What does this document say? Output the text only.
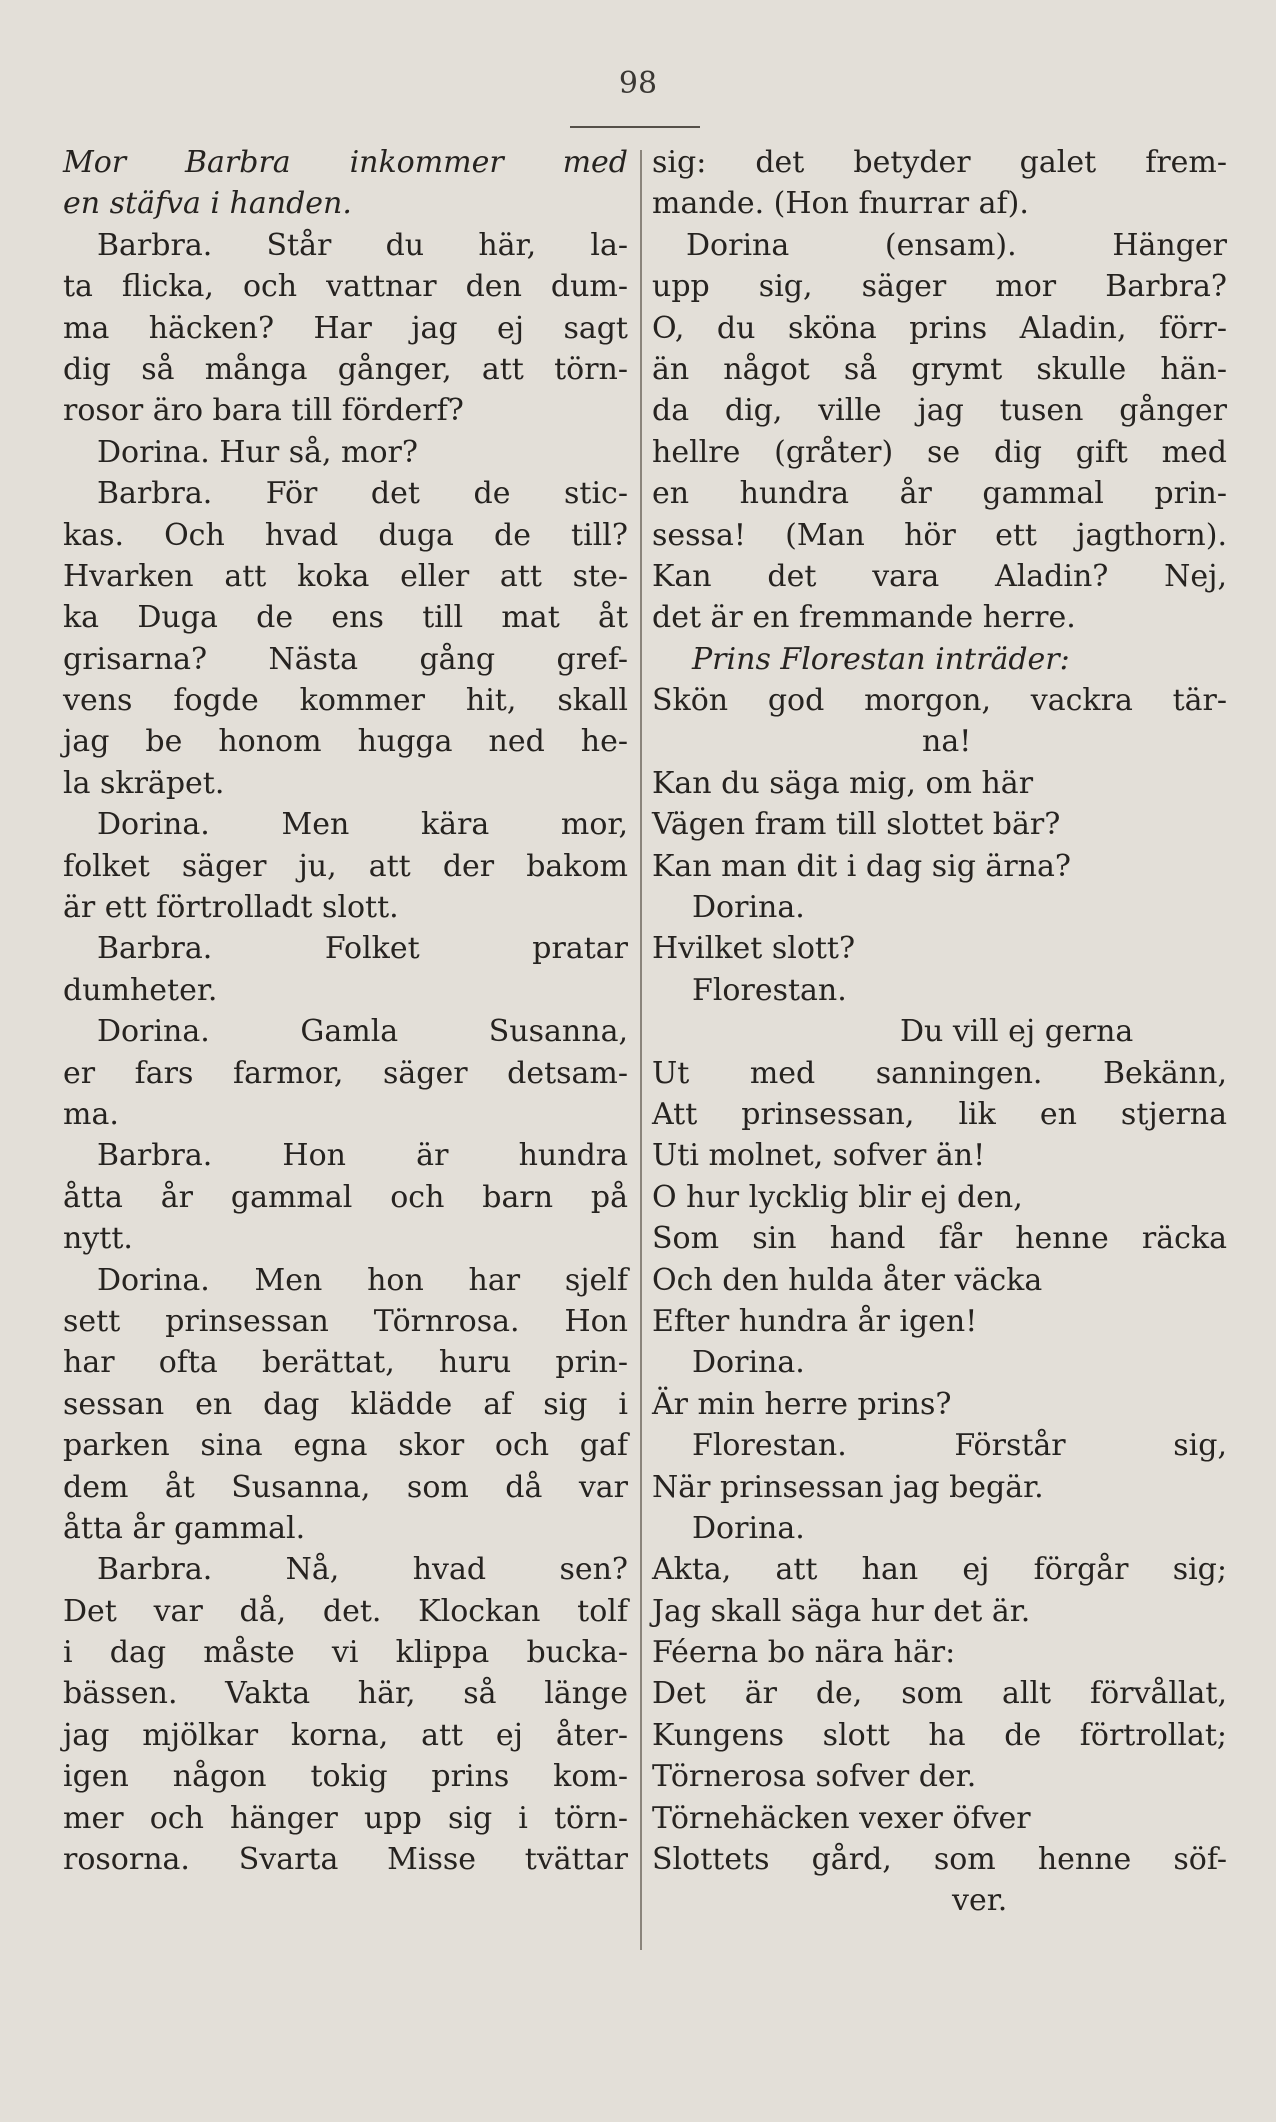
98
Mor Barbra inkommer med
en stäfva i handen.
Barbra. Står du här, la-
ta flicka, och vattnar den dum-
ma häcken? Har jag ej sagt
dig så många gånger, att törn-
rosor äro bara till förderf?
Dorina. Hur så, mor?
Barbra. För det de stic-
kas. Och hvad duga de till?
Hvarken att koka eller att ste-
ka Duga de ens till mat åt
grisarna? Nästa gång gref-
vens fogde kommer hit, skall
jag be honom hugga ned he-
la skräpet.
Dorina. Men kära mor,
folket säger ju, att der bakom
är ett förtrolladt slott.
Barbra. Folket pratar
dumheter.
Dorina. Gamla Susanna,
er fars farmor, säger detsam-
ma.
Barbra. Hon är hundra
åtta år gammal och barn på
nytt.
Dorina. Men hon har sjelf
sett prinsessan Törnrosa. Hon
har ofta berättat, huru prin-
sessan en dag klädde af sig i
parken sina egna skor och gaf
dem åt Susanna, som då var
åtta år gammal.
Barbra. Nå, hvad sen?
Det var då, det. Klockan tolf
i dag måste vi klippa bucka-
bässen. Vakta här, så länge
jag mjölkar korna, att ej åter-
igen någon tokig prins kom-
mer och hänger upp sig i törn-
rosorna. Svarta Misse tvättar
sig: det betyder galet frem-
mande. (Hon fnurrar af).
Dorina (ensam). Hänger
upp sig, säger mor Barbra?
O, du sköna prins Aladin, förr-
än något så grymt skulle hän-
da dig, ville jag tusen gånger
hellre (gråter) se dig gift med
en hundra år gammal prin-
sessa! (Man hör ett jagthorn).
Kan det vara Aladin? Nej,
det är en fremmande herre.
Prins Florestan inträder:
Skön god morgon, vackra tär-
na!
Kan du säga mig, om här
Vägen fram till slottet bär?
Kan man dit i dag sig ärna?
Dorina.
Hvilket slott?
Florestan.
Du vill ej gerna
Ut med sanningen. Bekänn,
Att prinsessan, lik en stjerna
Uti molnet, sofver än!
O hur lycklig blir ej den,
Som sin hand får henne räcka
Och den hulda åter väcka
Efter hundra år igen!
Dorina.
Är min herre prins?
Florestan. Förstår sig,
När prinsessan jag begär.
Dorina.
Akta, att han ej förgår sig;
Jag skall säga hur det är.
Féerna bo nära här:
Det är de, som allt förvållat,
Kungens slott ha de förtrollat;
Törnerosa sofver der.
Törnehäcken vexer öfver
Slottets gård, som henne söf-
ver.
